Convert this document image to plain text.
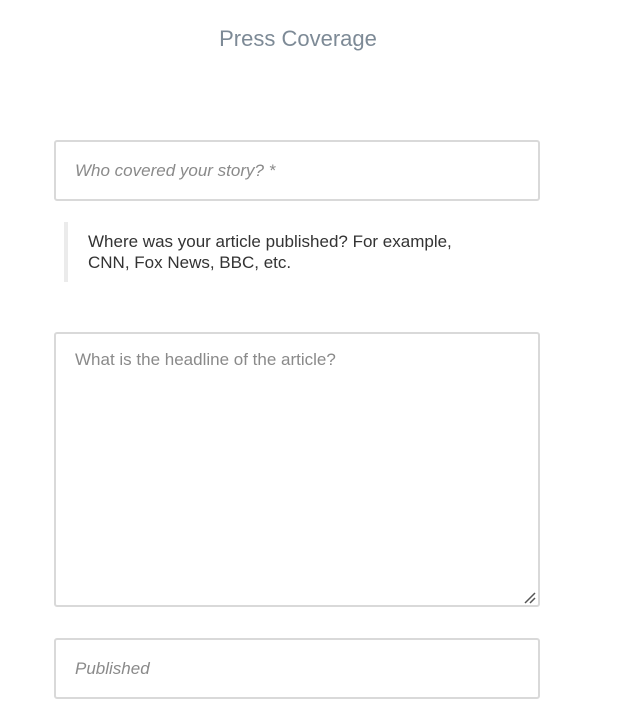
Press Coverage
Who covered your story? *

Where was your article published? For example, CNN, Fox News, BBC, etc.

What is the headline of the article?
Published
